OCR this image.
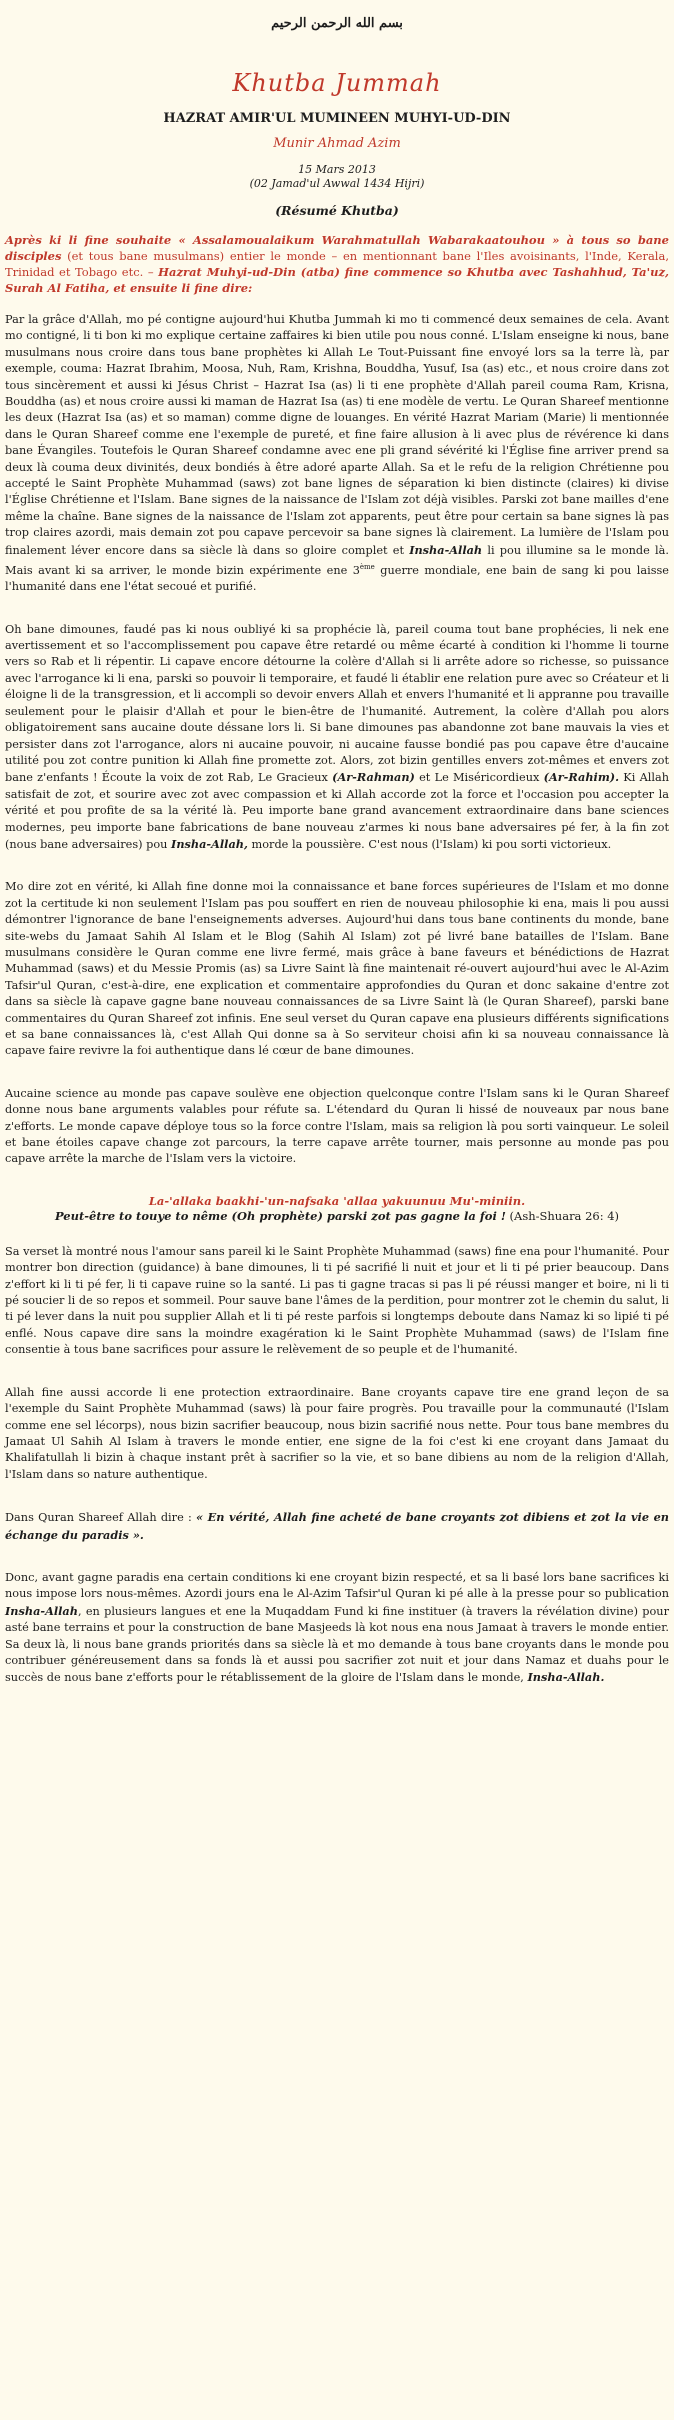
بسم الله الرحمن الرحيم
Khutba Jummah
HAZRAT AMIR'UL MUMINEEN MUHYI-UD-DIN
Munir Ahmad Azim
15 Mars 2013
(02 Jamad'ul Awwal 1434 Hijri)
(Résumé Khutba)

Après ki li fine souhaite « Assalamoualaikum Warahmatullah Wabarakaatouhou » à tous so bane disciples (et tous bane musulmans) entier le monde – en mentionnant bane l'Iles avoisinants, l'Inde, Kerala, Trinidad et Tobago etc. – Hazrat Muhyi-ud-Din (atba) fine commence so Khutba avec Tashahhud, Ta'uz, Surah Al Fatiha, et ensuite li fine dire:

Par la grâce d'Allah, mo pé contigne aujourd'hui Khutba Jummah ki mo ti commencé deux semaines de cela. Avant mo contigné, li ti bon ki mo explique certaine zaffaires ki bien utile pou nous conné. L'Islam enseigne ki nous, bane musulmans nous croire dans tous bane prophètes ki Allah Le Tout-Puissant fine envoyé lors sa la terre là, par exemple, couma: Hazrat Ibrahim, Moosa, Nuh, Ram, Krishna, Bouddha, Yusuf, Isa (as) etc., et nous croire dans zot tous sincèrement et aussi ki Jésus Christ – Hazrat Isa (as) li ti ene prophète d'Allah pareil couma Ram, Krisna, Bouddha (as) et nous croire aussi ki maman de Hazrat Isa (as) ti ene modèle de vertu. Le Quran Shareef mentionne les deux (Hazrat Isa (as) et so maman) comme digne de louanges. En vérité Hazrat Mariam (Marie) li mentionnée dans le Quran Shareef comme ene l'exemple de pureté, et fine faire allusion à li avec plus de révérence ki dans bane Évangiles. Toutefois le Quran Shareef condamne avec ene pli grand sévérité ki l'Église fine arriver prend sa deux là couma deux divinités, deux bondiés à être adoré aparte Allah. Sa et le refu de la religion Chrétienne pou accepté le Saint Prophète Muhammad (saws) zot bane lignes de séparation ki bien distincte (claires) ki divise l'Église Chrétienne et l'Islam. Bane signes de la naissance de l'Islam zot déjà visibles. Parski zot bane mailles d'ene même la chaîne. Bane signes de la naissance de l'Islam zot apparents, peut être pour certain sa bane signes là pas trop claires azordi, mais demain zot pou capave percevoir sa bane signes là clairement. La lumière de l'Islam pou finalement léver encore dans sa siècle là dans so gloire complet et Insha-Allah li pou illumine sa le monde là. Mais avant ki sa arriver, le monde bizin expérimente ene 3ème guerre mondiale, ene bain de sang ki pou laisse l'humanité dans ene l'état secoué et purifié.

Oh bane dimounes, faudé pas ki nous oubliyé ki sa prophécie là, pareil couma tout bane prophécies, li nek ene avertissement et so l'accomplissement pou capave être retardé ou même écarté à condition ki l'homme li tourne vers so Rab et li répentir. Li capave encore détourne la colère d'Allah si li arrête adore so richesse, so puissance avec l'arrogance ki li ena, parski so pouvoir li temporaire, et faudé li établir ene relation pure avec so Créateur et li éloigne li de la transgression, et li accompli so devoir envers Allah et envers l'humanité et li appranne pou travaille seulement pour le plaisir d'Allah et pour le bien-être de l'humanité. Autrement, la colère d'Allah pou alors obligatoirement sans aucaine doute déssane lors li. Si bane dimounes pas abandonne zot bane mauvais la vies et persister dans zot l'arrogance, alors ni aucaine pouvoir, ni aucaine fausse bondié pas pou capave être d'aucaine utilité pou zot contre punition ki Allah fine promette zot. Alors, zot bizin gentilles envers zot-mêmes et envers zot bane z'enfants ! Écoute la voix de zot Rab, Le Gracieux (Ar-Rahman) et Le Miséricordieux (Ar-Rahim). Ki Allah satisfait de zot, et sourire avec zot avec compassion et ki Allah accorde zot la force et l'occasion pou accepter la vérité et pou profite de sa la vérité là. Peu importe bane grand avancement extraordinaire dans bane sciences modernes, peu importe bane fabrications de bane nouveau z'armes ki nous bane adversaires pé fer, à la fin zot (nous bane adversaires) pou Insha-Allah, morde la poussière. C'est nous (l'Islam) ki pou sorti victorieux.

Mo dire zot en vérité, ki Allah fine donne moi la connaissance et bane forces supérieures de l'Islam et mo donne zot la certitude ki non seulement l'Islam pas pou souffert en rien de nouveau philosophie ki ena, mais li pou aussi démontrer l'ignorance de bane l'enseignements adverses. Aujourd'hui dans tous bane continents du monde, bane site-webs du Jamaat Sahih Al Islam et le Blog (Sahih Al Islam) zot pé livré bane batailles de l'Islam. Bane musulmans considère le Quran comme ene livre fermé, mais grâce à bane faveurs et bénédictions de Hazrat Muhammad (saws) et du Messie Promis (as) sa Livre Saint là fine maintenait ré-ouvert aujourd'hui avec le Al-Azim Tafsir'ul Quran, c'est-à-dire, ene explication et commentaire approfondies du Quran et donc sakaine d'entre zot dans sa siècle là capave gagne bane nouveau connaissances de sa Livre Saint là (le Quran Shareef), parski bane commentaires du Quran Shareef zot infinis. Ene seul verset du Quran capave ena plusieurs différents significations et sa bane connaissances là, c'est Allah Qui donne sa à So serviteur choisi afin ki sa nouveau connaissance là capave faire revivre la foi authentique dans lé cœur de bane dimounes.

Aucaine science au monde pas capave soulève ene objection quelconque contre l'Islam sans ki le Quran Shareef donne nous bane arguments valables pour réfute sa. L'étendard du Quran li hissé de nouveaux par nous bane z'efforts. Le monde capave déploye tous so la force contre l'Islam, mais sa religion là pou sorti vainqueur. Le soleil et bane étoiles capave change zot parcours, la terre capave arrête tourner, mais personne au monde pas pou capave arrête la marche de l'Islam vers la victoire.

La-'allaka baakhi-'un-nafsaka 'allaa yakuunuu Mu'-miniin.
Peut-être to touye to nême (Oh prophète) parski zot pas gagne la foi ! (Ash-Shuara 26: 4)

Sa verset là montré nous l'amour sans pareil ki le Saint Prophète Muhammad (saws) fine ena pour l'humanité. Pour montrer bon direction (guidance) à bane dimounes, li ti pé sacrifié li nuit et jour et li ti pé prier beaucoup. Dans z'effort ki li ti pé fer, li ti capave ruine so la santé. Li pas ti gagne tracas si pas li pé réussi manger et boire, ni li ti pé soucier li de so repos et sommeil. Pour sauve bane l'âmes de la perdition, pour montrer zot le chemin du salut, li ti pé lever dans la nuit pou supplier Allah et li ti pé reste parfois si longtemps deboute dans Namaz ki so lipié ti pé enflé. Nous capave dire sans la moindre exagération ki le Saint Prophète Muhammad (saws) de l'Islam fine consentie à tous bane sacrifices pour assure le relèvement de so peuple et de l'humanité.

Allah fine aussi accorde li ene protection extraordinaire. Bane croyants capave tire ene grand leçon de sa l'exemple du Saint Prophète Muhammad (saws) là pour faire progrès. Pou travaille pour la communauté (l'Islam comme ene sel lécorps), nous bizin sacrifier beaucoup, nous bizin sacrifié nous nette. Pour tous bane membres du Jamaat Ul Sahih Al Islam à travers le monde entier, ene signe de la foi c'est ki ene croyant dans Jamaat du Khalifatullah li bizin à chaque instant prêt à sacrifier so la vie, et so bane dibiens au nom de la religion d'Allah, l'Islam dans so nature authentique.

Dans Quran Shareef Allah dire : « En vérité, Allah fine acheté de bane croyants zot dibiens et zot la vie en échange du paradis ».

Donc, avant gagne paradis ena certain conditions ki ene croyant bizin respecté, et sa li basé lors bane sacrifices ki nous impose lors nous-mêmes. Azordi jours ena le Al-Azim Tafsir'ul Quran ki pé alle à la presse pour so publication Insha-Allah, en plusieurs langues et ene la Muqaddam Fund ki fine instituer (à travers la révélation divine) pour asté bane terrains et pour la construction de bane Masjeeds là kot nous ena nous Jamaat à travers le monde entier. Sa deux là, li nous bane grands priorités dans sa siècle là et mo demande à tous bane croyants dans le monde pou contribuer généreusement dans sa fonds là et aussi pou sacrifier zot nuit et jour dans Namaz et duahs pour le succès de nous bane z'efforts pour le rétablissement de la gloire de l'Islam dans le monde, Insha-Allah.
